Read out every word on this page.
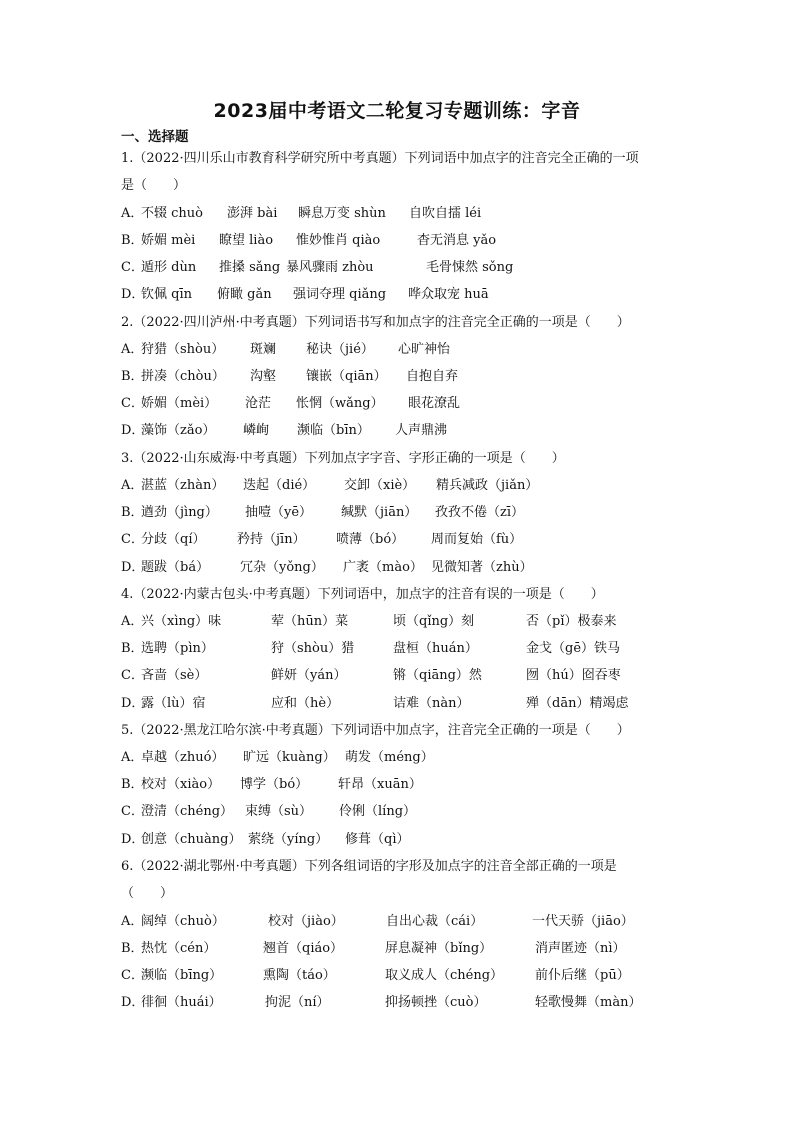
2023届中考语文二轮复习专题训练：字音
一、选择题
1.（2022·四川乐山市教育科学研究所中考真题）下列词语中加点字的注音完全正确的一项
是（　　）
A．
不辍 chuò 澎湃 bài 瞬息万变 shùn 自吹自擂 léi
B．
娇媚 mèi 瞭望 liào 惟妙惟肖 qiào	杳无消息 yǎo
C．
遁形 dùn 推搡 sǎng 暴风骤雨 zhòu	毛骨悚然 sǒng
D．
钦佩 qīn 俯瞰 gǎn 强词夺理 qiǎng 哗众取宠 huā
2.（2022·四川泸州·中考真题）下列词语书写和加点字的注音完全正确的一项是（　　）
A．
狩猎（shòu） 斑斓 秘诀（jié） 心旷神怡
B．
拼凑（chòu） 沟壑 镶嵌（qiān） 自抱自弃
C．
娇媚（mèi） 沧茫 怅惘（wǎng） 眼花潦乱
D．
藻饰（zǎo） 嶙峋 濒临（bīn） 人声鼎沸
3.（2022·山东威海·中考真题）下列加点字字音、字形正确的一项是（　　）
A．
湛蓝（zhàn） 迭起（dié） 交卸（xiè） 精兵减政（jiǎn）
B．
遒劲（jìng） 抽噎（yē） 缄默（jiān） 孜孜不倦（zī）
C．
分歧（qí） 矜持（jīn） 喷薄（bó） 周而复始（fù）
D．
题跋（bá） 冗杂（yǒng） 广袤（mào） 见微知著（zhù）
4.（2022·内蒙古包头·中考真题）下列词语中，加点字的注音有误的一项是（　　）
A．
兴（xìng）味	荤（hūn）菜	顷（qǐng）刻	否（pǐ）极泰来
B．
选聘（pìn）	狩（shòu）猎	盘桓（huán）	金戈（gē）铁马
C．
吝啬（sè）	鲜妍（yán）	锵（qiāng）然	囫（hú）囵吞枣
D．
露（lù）宿	应和（hè）	诘难（nàn）	殚（dān）精竭虑
5.（2022·黑龙江哈尔滨·中考真题）下列词语中加点字，注音完全正确的一项是（　　）
A．
卓越（zhuó） 旷远（kuàng） 萌发（méng）
B．
校对（xiào） 博学（bó） 轩昂（xuān）
C．
澄清（chéng） 束缚（sù） 伶俐（líng）
D．
创意（chuàng） 萦绕（yíng） 修葺（qì）
6.（2022·湖北鄂州·中考真题）下列各组词语的字形及加点字的注音全部正确的一项是
（　　）
A．
阔绰（chuò）	校对（jiào）	自出心裁（cái）	一代天骄（jiāo）
B．
热忱（cén）	翘首（qiáo）	屏息凝神（bǐng）	消声匿迹（nì）
C．
濒临（bīng）	熏陶（táo）	取义成人（chéng） 前仆后继（pū）
D．
徘徊（huái）	拘泥（ní）	抑扬顿挫（cuò）	轻歌慢舞（màn）
